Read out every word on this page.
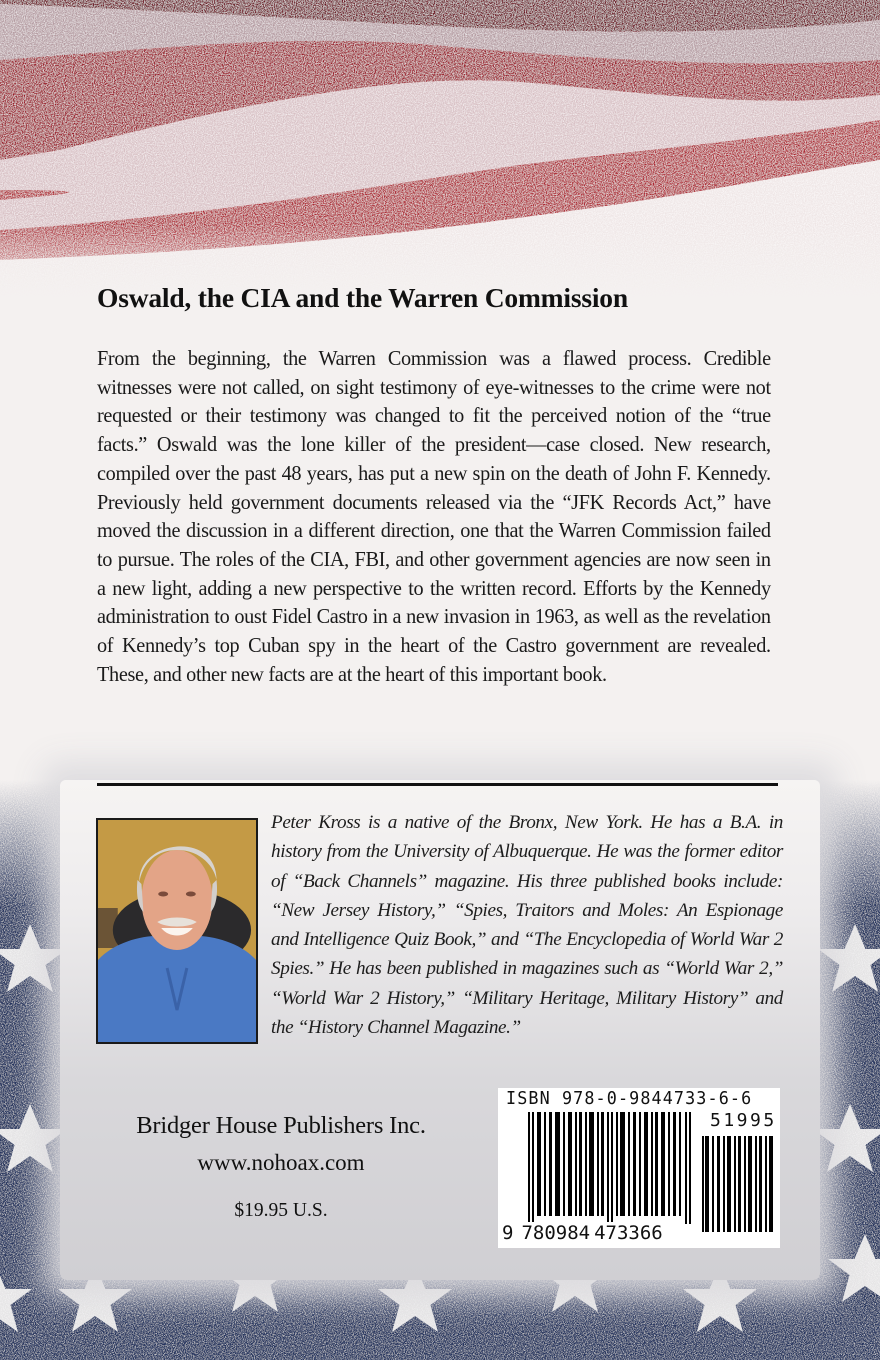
Oswald, the CIA and the Warren Commission

From the beginning, the Warren Commission was a flawed process. Credible witnesses were not called, on sight testimony of eye-witnesses to the crime were not requested or their testimony was changed to fit the perceived notion of the “true facts.” Oswald was the lone killer of the president—case closed. New research, compiled over the past 48 years, has put a new spin on the death of John F. Kennedy. Previously held government documents released via the “JFK Records Act,” have moved the discussion in a different direction, one that the Warren Commission failed to pursue. The roles of the CIA, FBI, and other government agencies are now seen in a new light, adding a new perspective to the written record. Efforts by the Kennedy administration to oust Fidel Castro in a new invasion in 1963, as well as the revelation of Kennedy’s top Cuban spy in the heart of the Castro government are revealed. These, and other new facts are at the heart of this important book.

Peter Kross is a native of the Bronx, New York. He has a B.A. in history from the University of Albuquerque. He was the former editor of “Back Channels” magazine. His three published books include: “New Jersey History,” “Spies, Traitors and Moles: An Espionage and Intelligence Quiz Book,” and “The Encyclopedia of World War 2 Spies.” He has been published in magazines such as “World War 2,” “World War 2 History,” “Military Heritage, Military History” and the “History Channel Magazine.”

Bridger House Publishers Inc.
www.nohoax.com
$19.95 U.S.
ISBN 978-0-9844733-6-6
51995
9 780984 473366
